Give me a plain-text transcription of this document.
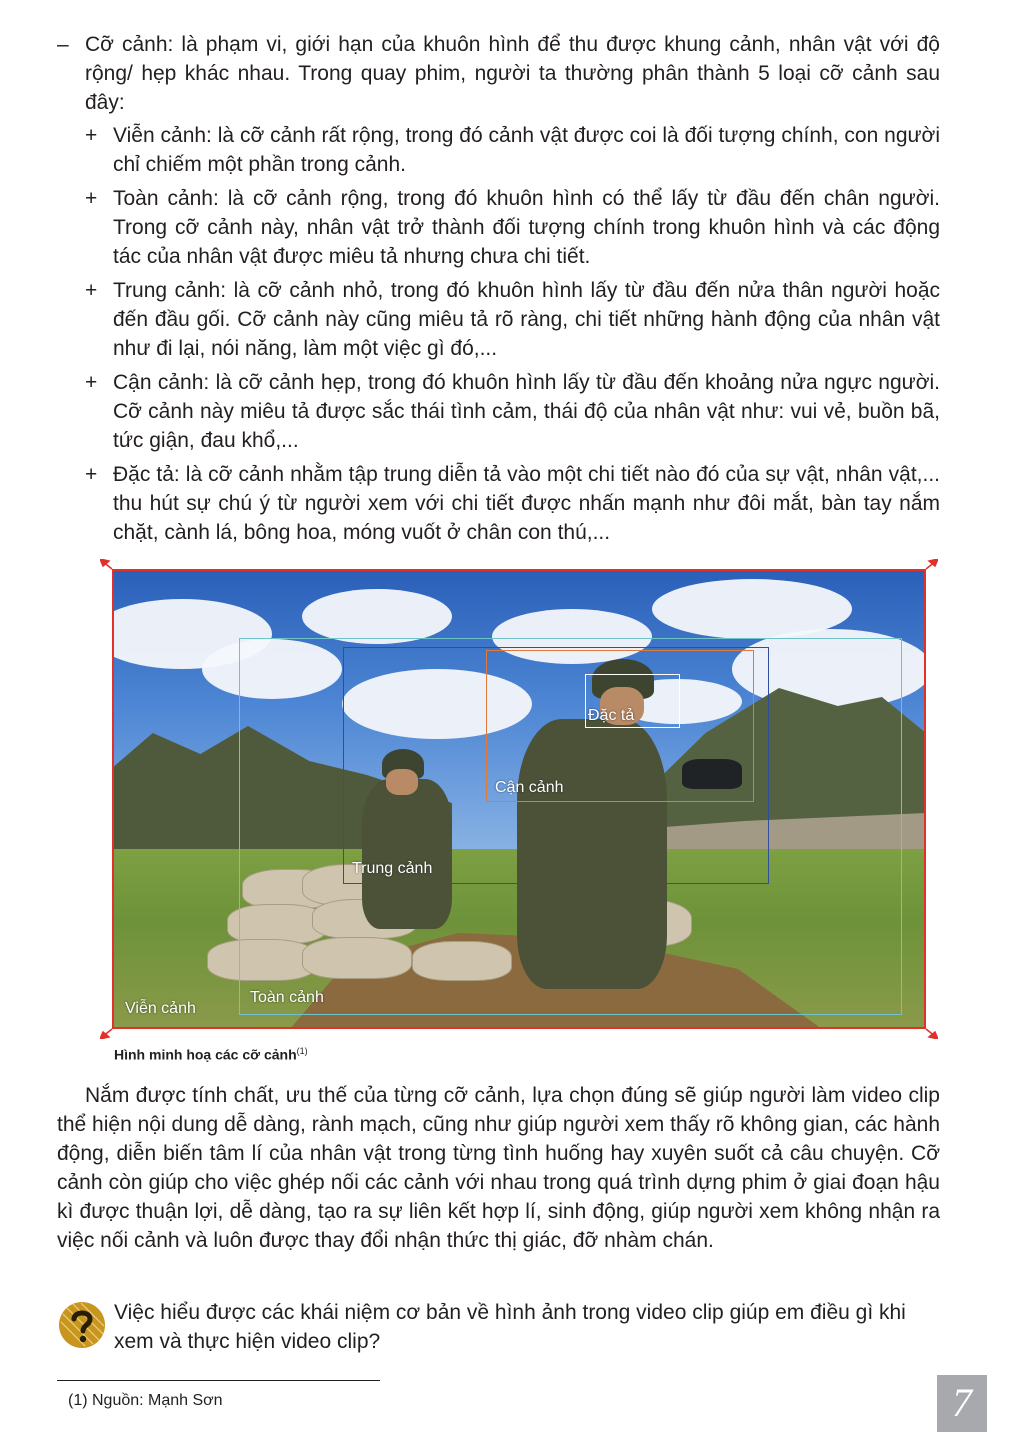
– Cỡ cảnh: là phạm vi, giới hạn của khuôn hình để thu được khung cảnh, nhân vật với độ rộng/ hẹp khác nhau. Trong quay phim, người ta thường phân thành 5 loại cỡ cảnh sau đây:

+ Viễn cảnh: là cỡ cảnh rất rộng, trong đó cảnh vật được coi là đối tượng chính, con người chỉ chiếm một phần trong cảnh.

+ Toàn cảnh: là cỡ cảnh rộng, trong đó khuôn hình có thể lấy từ đầu đến chân người. Trong cỡ cảnh này, nhân vật trở thành đối tượng chính trong khuôn hình và các động tác của nhân vật được miêu tả nhưng chưa chi tiết.

+ Trung cảnh: là cỡ cảnh nhỏ, trong đó khuôn hình lấy từ đầu đến nửa thân người hoặc đến đầu gối. Cỡ cảnh này cũng miêu tả rõ ràng, chi tiết những hành động của nhân vật như đi lại, nói năng, làm một việc gì đó,...

+ Cận cảnh: là cỡ cảnh hẹp, trong đó khuôn hình lấy từ đầu đến khoảng nửa ngực người. Cỡ cảnh này miêu tả được sắc thái tình cảm, thái độ của nhân vật như: vui vẻ, buồn bã, tức giận, đau khổ,...

+ Đặc tả: là cỡ cảnh nhằm tập trung diễn tả vào một chi tiết nào đó của sự vật, nhân vật,... thu hút sự chú ý từ người xem với chi tiết được nhấn mạnh như đôi mắt, bàn tay nắm chặt, cành lá, bông hoa, móng vuốt ở chân con thú,...

Viễn cảnh
Toàn cảnh
Trung cảnh
Cận cảnh
Đặc tả
Hình minh hoạ các cỡ cảnh$^{(1)}$

Nắm được tính chất, ưu thế của từng cỡ cảnh, lựa chọn đúng sẽ giúp người làm video clip thể hiện nội dung dễ dàng, rành mạch, cũng như giúp người xem thấy rõ không gian, các hành động, diễn biến tâm lí của nhân vật trong từng tình huống hay xuyên suốt cả câu chuyện. Cỡ cảnh còn giúp cho việc ghép nối các cảnh với nhau trong quá trình dựng phim ở giai đoạn hậu kì được thuận lợi, dễ dàng, tạo ra sự liên kết hợp lí, sinh động, giúp người xem không nhận ra việc nối cảnh và luôn được thay đổi nhận thức thị giác, đỡ nhàm chán.

Việc hiểu được các khái niệm cơ bản về hình ảnh trong video clip giúp em điều gì khi xem và thực hiện video clip?

(1) Nguồn: Mạnh Sơn	7
